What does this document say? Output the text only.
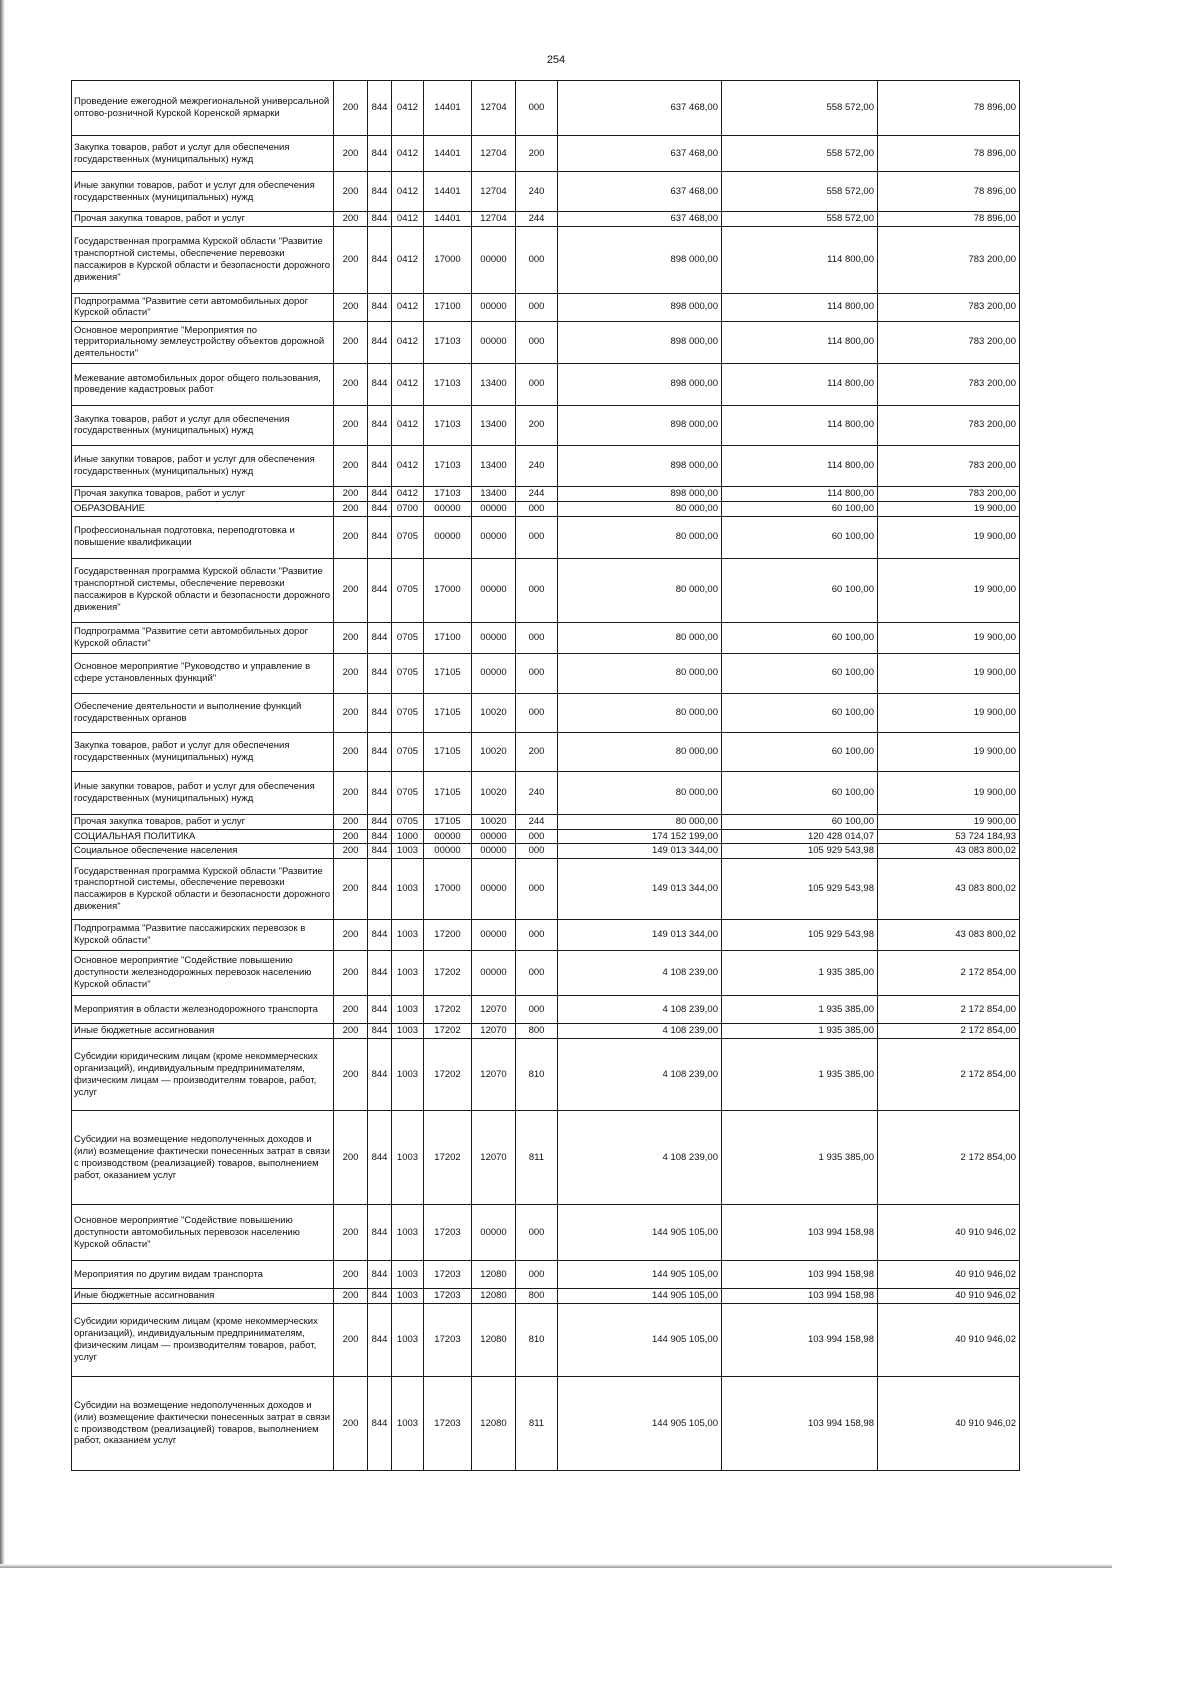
254
Проведение ежегодной межрегиональной универсальной оптово-розничной Курской Коренской ярмарки	200	844	0412	14401	12704	000	637 468,00	558 572,00	78 896,00
Закупка товаров, работ и услуг для обеспечения государственных (муниципальных) нужд	200	844	0412	14401	12704	200	637 468,00	558 572,00	78 896,00
Иные закупки товаров, работ и услуг для обеспечения государственных (муниципальных) нужд	200	844	0412	14401	12704	240	637 468,00	558 572,00	78 896,00
Прочая закупка товаров, работ и услуг	200	844	0412	14401	12704	244	637 468,00	558 572,00	78 896,00
Государственная программа Курской области "Развитие транспортной системы, обеспечение перевозки пассажиров в Курской области и безопасности дорожного движения"	200	844	0412	17000	00000	000	898 000,00	114 800,00	783 200,00
Подпрограмма "Развитие сети автомобильных дорог Курской области"	200	844	0412	17100	00000	000	898 000,00	114 800,00	783 200,00
Основное мероприятие "Мероприятия по территориальному землеустройству объектов дорожной деятельности"	200	844	0412	17103	00000	000	898 000,00	114 800,00	783 200,00
Межевание автомобильных дорог общего пользования, проведение кадастровых работ	200	844	0412	17103	13400	000	898 000,00	114 800,00	783 200,00
Закупка товаров, работ и услуг для обеспечения государственных (муниципальных) нужд	200	844	0412	17103	13400	200	898 000,00	114 800,00	783 200,00
Иные закупки товаров, работ и услуг для обеспечения государственных (муниципальных) нужд	200	844	0412	17103	13400	240	898 000,00	114 800,00	783 200,00
Прочая закупка товаров, работ и услуг	200	844	0412	17103	13400	244	898 000,00	114 800,00	783 200,00
ОБРАЗОВАНИЕ	200	844	0700	00000	00000	000	80 000,00	60 100,00	19 900,00
Профессиональная подготовка, переподготовка и повышение квалификации	200	844	0705	00000	00000	000	80 000,00	60 100,00	19 900,00
Государственная программа Курской области "Развитие транспортной системы, обеспечение перевозки пассажиров в Курской области и безопасности дорожного движения"	200	844	0705	17000	00000	000	80 000,00	60 100,00	19 900,00
Подпрограмма "Развитие сети автомобильных дорог Курской области"	200	844	0705	17100	00000	000	80 000,00	60 100,00	19 900,00
Основное мероприятие "Руководство и управление в сфере установленных функций"	200	844	0705	17105	00000	000	80 000,00	60 100,00	19 900,00
Обеспечение деятельности и выполнение функций государственных органов	200	844	0705	17105	10020	000	80 000,00	60 100,00	19 900,00
Закупка товаров, работ и услуг для обеспечения государственных (муниципальных) нужд	200	844	0705	17105	10020	200	80 000,00	60 100,00	19 900,00
Иные закупки товаров, работ и услуг для обеспечения государственных (муниципальных) нужд	200	844	0705	17105	10020	240	80 000,00	60 100,00	19 900,00
Прочая закупка товаров, работ и услуг	200	844	0705	17105	10020	244	80 000,00	60 100,00	19 900,00
СОЦИАЛЬНАЯ ПОЛИТИКА	200	844	1000	00000	00000	000	174 152 199,00	120 428 014,07	53 724 184,93
Социальное обеспечение населения	200	844	1003	00000	00000	000	149 013 344,00	105 929 543,98	43 083 800,02
Государственная программа Курской области "Развитие транспортной системы, обеспечение перевозки пассажиров в Курской области и безопасности дорожного движения"	200	844	1003	17000	00000	000	149 013 344,00	105 929 543,98	43 083 800,02
Подпрограмма "Развитие пассажирских перевозок в Курской области"	200	844	1003	17200	00000	000	149 013 344,00	105 929 543,98	43 083 800,02
Основное мероприятие "Содействие повышению доступности железнодорожных перевозок населению Курской области"	200	844	1003	17202	00000	000	4 108 239,00	1 935 385,00	2 172 854,00
Мероприятия в области железнодорожного транспорта	200	844	1003	17202	12070	000	4 108 239,00	1 935 385,00	2 172 854,00
Иные бюджетные ассигнования	200	844	1003	17202	12070	800	4 108 239,00	1 935 385,00	2 172 854,00
Субсидии юридическим лицам (кроме некоммерческих организаций), индивидуальным предпринимателям, физическим лицам — производителям товаров, работ, услуг	200	844	1003	17202	12070	810	4 108 239,00	1 935 385,00	2 172 854,00
Субсидии на возмещение недополученных доходов и (или) возмещение фактически понесенных затрат в связи с производством (реализацией) товаров, выполнением работ, оказанием услуг	200	844	1003	17202	12070	811	4 108 239,00	1 935 385,00	2 172 854,00
Основное мероприятие "Содействие повышению доступности автомобильных перевозок населению Курской области"	200	844	1003	17203	00000	000	144 905 105,00	103 994 158,98	40 910 946,02
Мероприятия по другим видам транспорта	200	844	1003	17203	12080	000	144 905 105,00	103 994 158,98	40 910 946,02
Иные бюджетные ассигнования	200	844	1003	17203	12080	800	144 905 105,00	103 994 158,98	40 910 946,02
Субсидии юридическим лицам (кроме некоммерческих организаций), индивидуальным предпринимателям, физическим лицам — производителям товаров, работ, услуг	200	844	1003	17203	12080	810	144 905 105,00	103 994 158,98	40 910 946,02
Субсидии на возмещение недополученных доходов и (или) возмещение фактически понесенных затрат в связи с производством (реализацией) товаров, выполнением работ, оказанием услуг	200	844	1003	17203	12080	811	144 905 105,00	103 994 158,98	40 910 946,02
